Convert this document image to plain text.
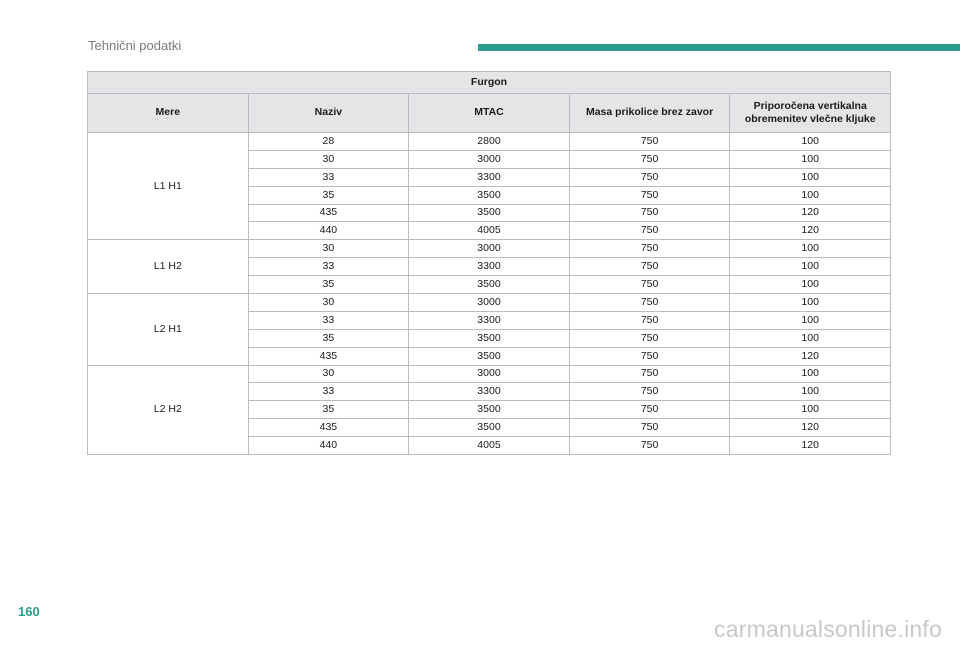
Tehnični podatki
Furgon				
Mere	Naziv	MTAC	Masa prikolice brez zavor	Priporočena vertikalna obremenitev vlečne kljuke
L1 H1	28	2800	750	100
	30	3000	750	100
	33	3300	750	100
	35	3500	750	100
	435	3500	750	120
	440	4005	750	120
L1 H2	30	3000	750	100
	33	3300	750	100
	35	3500	750	100
L2 H1	30	3000	750	100
	33	3300	750	100
	35	3500	750	100
	435	3500	750	120
L2 H2	30	3000	750	100
	33	3300	750	100
	35	3500	750	100
	435	3500	750	120
	440	4005	750	120
160
carmanualsonline.info
